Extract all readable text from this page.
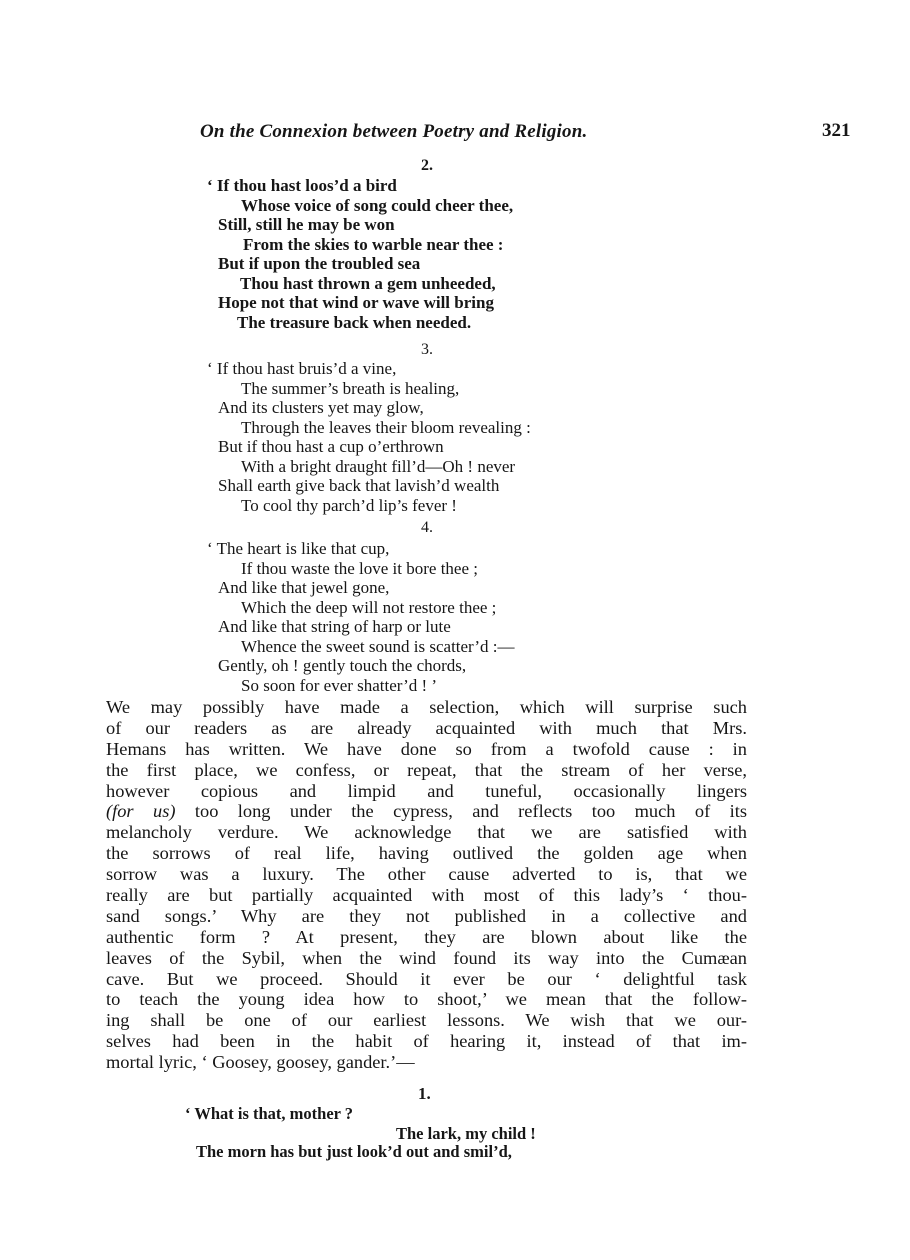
On the Connexion between Poetry and Religion.	321
2.
‘ If thou hast loos’d a bird
Whose voice of song could cheer thee,
Still, still he may be won
From the skies to warble near thee :
But if upon the troubled sea
Thou hast thrown a gem unheeded,
Hope not that wind or wave will bring
The treasure back when needed.
3.
‘ If thou hast bruis’d a vine,
The summer’s breath is healing,
And its clusters yet may glow,
Through the leaves their bloom revealing :
But if thou hast a cup o’erthrown
With a bright draught fill’d—Oh ! never
Shall earth give back that lavish’d wealth
To cool thy parch’d lip’s fever !
4.
‘ The heart is like that cup,
If thou waste the love it bore thee ;
And like that jewel gone,
Which the deep will not restore thee ;
And like that string of harp or lute
Whence the sweet sound is scatter’d :—
Gently, oh ! gently touch the chords,
So soon for ever shatter’d ! ’
We may possibly have made a selection, which will surprise such
of our readers as are already acquainted with much that Mrs.
Hemans has written. We have done so from a twofold cause : in
the first place, we confess, or repeat, that the stream of her verse,
however copious and limpid and tuneful, occasionally lingers
(for us) too long under the cypress, and reflects too much of its
melancholy verdure. We acknowledge that we are satisfied with
the sorrows of real life, having outlived the golden age when
sorrow was a luxury. The other cause adverted to is, that we
really are but partially acquainted with most of this lady’s ‘ thou-
sand songs.’ Why are they not published in a collective and
authentic form ? At present, they are blown about like the
leaves of the Sybil, when the wind found its way into the Cumæan
cave. But we proceed. Should it ever be our ‘ delightful task
to teach the young idea how to shoot,’ we mean that the follow-
ing shall be one of our earliest lessons. We wish that we our-
selves had been in the habit of hearing it, instead of that im-
mortal lyric, ‘ Goosey, goosey, gander.’—
1.
‘ What is that, mother ?
The lark, my child !
The morn has but just look’d out and smil’d,
